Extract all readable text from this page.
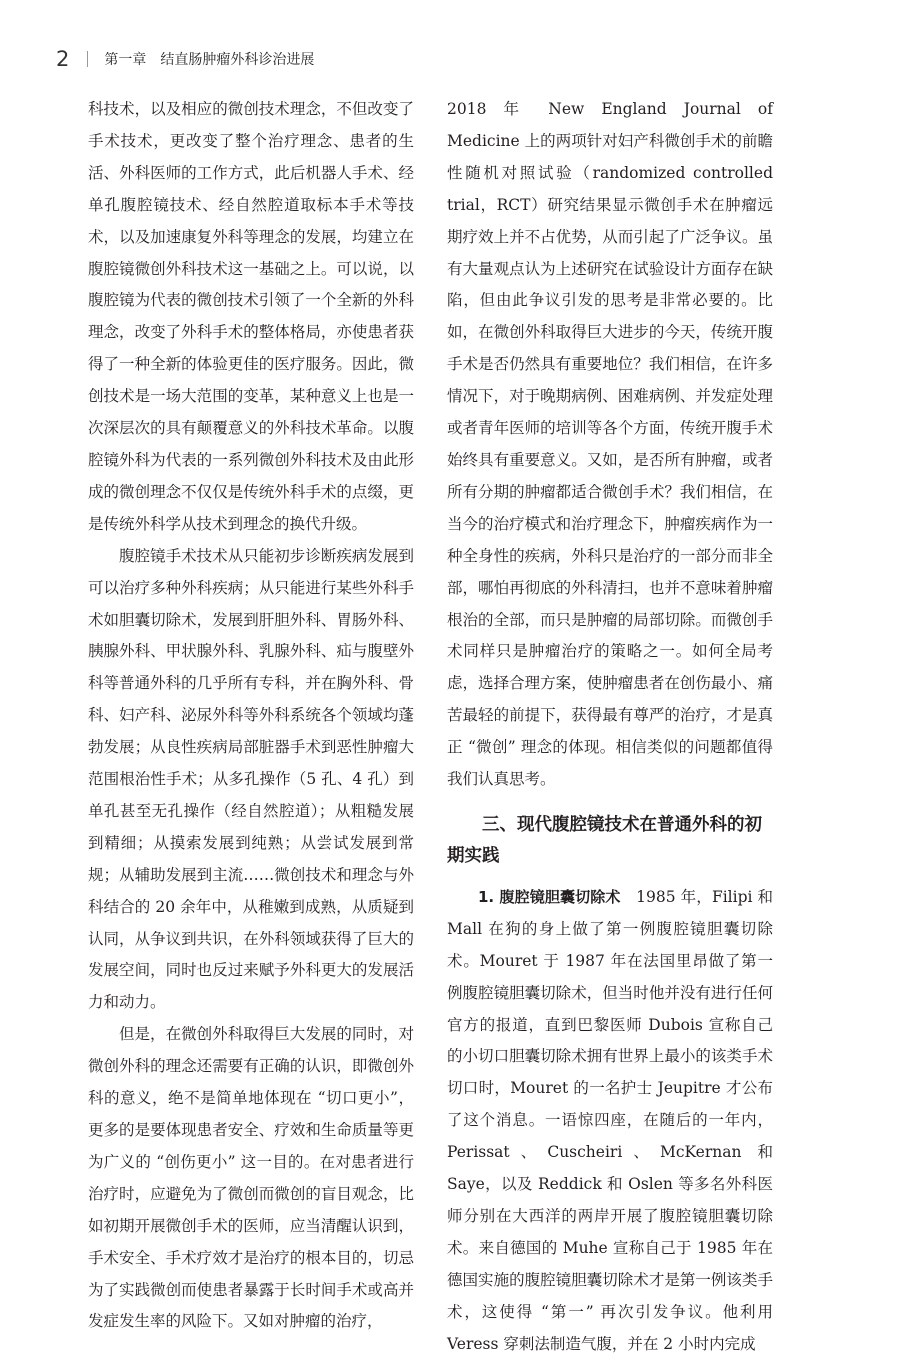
2	第一章 结直肠肿瘤外科诊治进展

科技术，以及相应的微创技术理念，不但改变了手术技术，更改变了整个治疗理念、患者的生活、外科医师的工作方式，此后机器人手术、经单孔腹腔镜技术、经自然腔道取标本手术等技术，以及加速康复外科等理念的发展，均建立在腹腔镜微创外科技术这一基础之上。可以说，以腹腔镜为代表的微创技术引领了一个全新的外科理念，改变了外科手术的整体格局，亦使患者获得了一种全新的体验更佳的医疗服务。因此，微创技术是一场大范围的变革，某种意义上也是一次深层次的具有颠覆意义的外科技术革命。以腹腔镜外科为代表的一系列微创外科技术及由此形成的微创理念不仅仅是传统外科手术的点缀，更是传统外科学从技术到理念的换代升级。

腹腔镜手术技术从只能初步诊断疾病发展到可以治疗多种外科疾病；从只能进行某些外科手术如胆囊切除术，发展到肝胆外科、胃肠外科、胰腺外科、甲状腺外科、乳腺外科、疝与腹壁外科等普通外科的几乎所有专科，并在胸外科、骨科、妇产科、泌尿外科等外科系统各个领域均蓬勃发展；从良性疾病局部脏器手术到恶性肿瘤大范围根治性手术；从多孔操作（5 孔、4 孔）到单孔甚至无孔操作（经自然腔道）；从粗糙发展到精细；从摸索发展到纯熟；从尝试发展到常规；从辅助发展到主流……微创技术和理念与外科结合的 20 余年中，从稚嫩到成熟，从质疑到认同，从争议到共识，在外科领域获得了巨大的发展空间，同时也反过来赋予外科更大的发展活力和动力。

但是，在微创外科取得巨大发展的同时，对微创外科的理念还需要有正确的认识，即微创外科的意义，绝不是简单地体现在 “切口更小”，更多的是要体现患者安全、疗效和生命质量等更为广义的 “创伤更小” 这一目的。在对患者进行治疗时，应避免为了微创而微创的盲目观念，比如初期开展微创手术的医师，应当清醒认识到，手术安全、手术疗效才是治疗的根本目的，切忌为了实践微创而使患者暴露于长时间手术或高并发症发生率的风险下。又如对肿瘤的治疗，

2018 年 New England Journal of Medicine 上的两项针对妇产科微创手术的前瞻性随机对照试验（randomized controlled trial，RCT）研究结果显示微创手术在肿瘤远期疗效上并不占优势，从而引起了广泛争议。虽有大量观点认为上述研究在试验设计方面存在缺陷，但由此争议引发的思考是非常必要的。比如，在微创外科取得巨大进步的今天，传统开腹手术是否仍然具有重要地位？我们相信，在许多情况下，对于晚期病例、困难病例、并发症处理或者青年医师的培训等各个方面，传统开腹手术始终具有重要意义。又如，是否所有肿瘤，或者所有分期的肿瘤都适合微创手术？我们相信，在当今的治疗模式和治疗理念下，肿瘤疾病作为一种全身性的疾病，外科只是治疗的一部分而非全部，哪怕再彻底的外科清扫，也并不意味着肿瘤根治的全部，而只是肿瘤的局部切除。而微创手术同样只是肿瘤治疗的策略之一。如何全局考虑，选择合理方案，使肿瘤患者在创伤最小、痛苦最轻的前提下，获得最有尊严的治疗，才是真正 “微创” 理念的体现。相信类似的问题都值得我们认真思考。

三、现代腹腔镜技术在普通外科的初期实践

1. 腹腔镜胆囊切除术　1985 年，Filipi 和 Mall 在狗的身上做了第一例腹腔镜胆囊切除术。Mouret 于 1987 年在法国里昂做了第一例腹腔镜胆囊切除术，但当时他并没有进行任何官方的报道，直到巴黎医师 Dubois 宣称自己的小切口胆囊切除术拥有世界上最小的该类手术切口时，Mouret 的一名护士 Jeupitre 才公布了这个消息。一语惊四座，在随后的一年内，Perissat、Cuscheiri、McKernan 和 Saye，以及 Reddick 和 Oslen 等多名外科医师分别在大西洋的两岸开展了腹腔镜胆囊切除术。来自德国的 Muhe 宣称自己于 1985 年在德国实施的腹腔镜胆囊切除术才是第一例该类手术，这使得 “第一” 再次引发争议。他利用 Veress 穿刺法制造气腹，并在 2 小时内完成
